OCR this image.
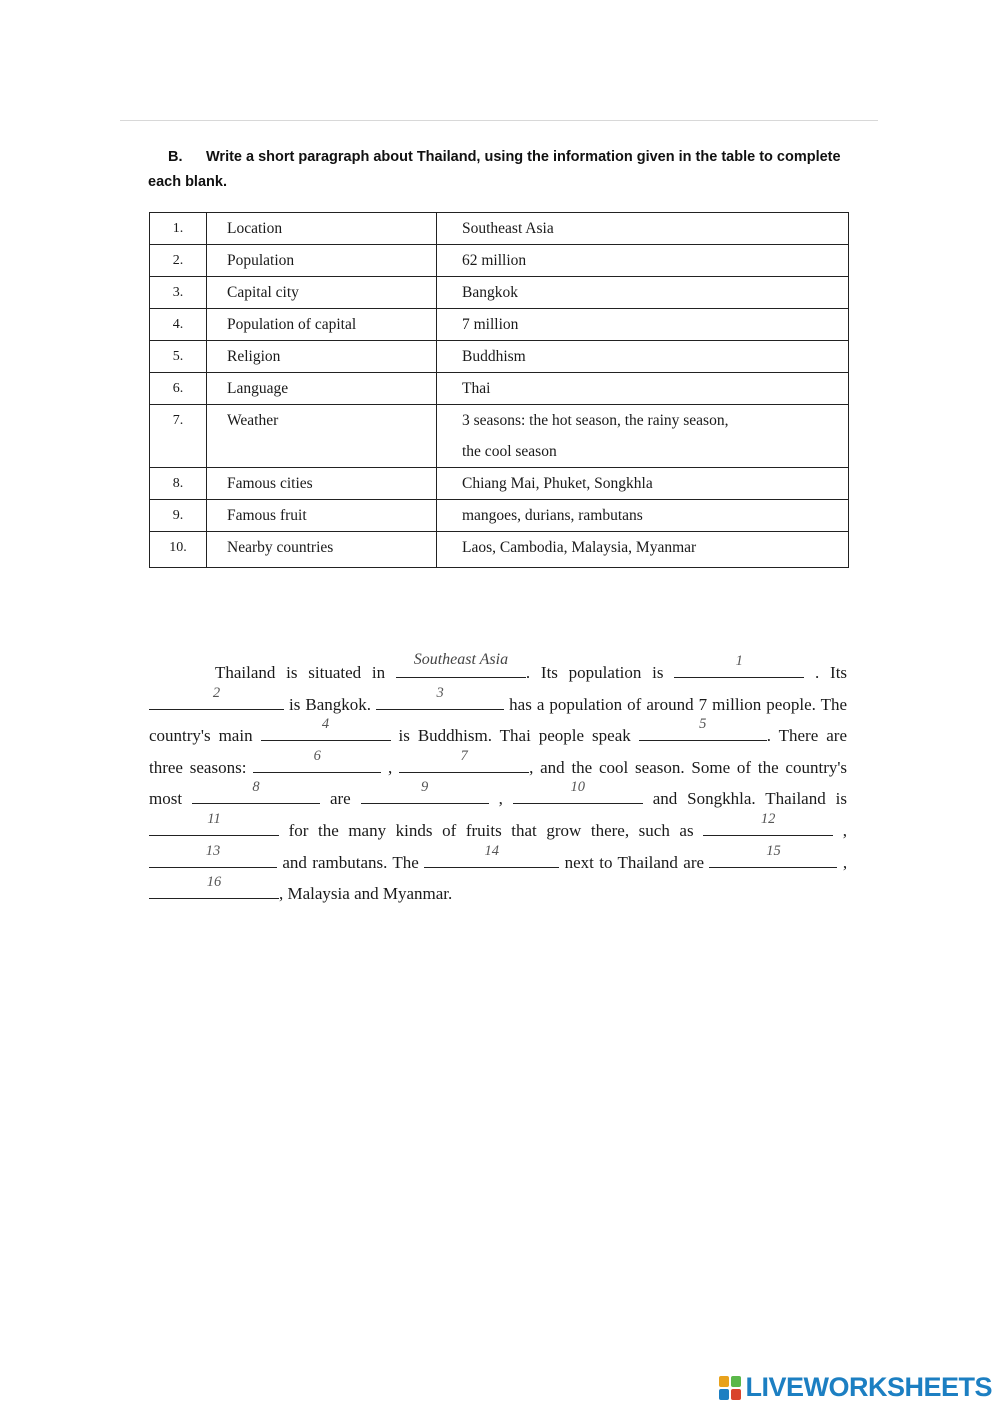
B. Write a short paragraph about Thailand, using the information given in the table to complete each blank.
1.	Location	Southeast Asia
2.	Population	62 million
3.	Capital city	Bangkok
4.	Population of capital	7 million
5.	Religion	Buddhism
6.	Language	Thai
7.	Weather	3 seasons: the hot season, the rainy season,
the cool season

8.	Famous cities	Chiang Mai, Phuket, Songkhla
9.	Famous fruit	mangoes, durians, rambutans
10.	Nearby countries	Laos, Cambodia, Malaysia, Myanmar
Thailand is situated in
Southeast Asia
. Its population is
1
. Its
2
is Bangkok.
3
has a population of around 7 million people. The country's main
4
is Buddhism. Thai people speak
5
. There are three seasons:
6
,
7
, and the cool season. Some of the country's most
8
are
9
,
10
and Songkhla. Thailand is
11
for the many kinds of fruits that grow there, such as
12
,
13
and rambutans. The
14
next to Thailand are
15
,
16
, Malaysia and Myanmar.
LIVEWORKSHEETS
